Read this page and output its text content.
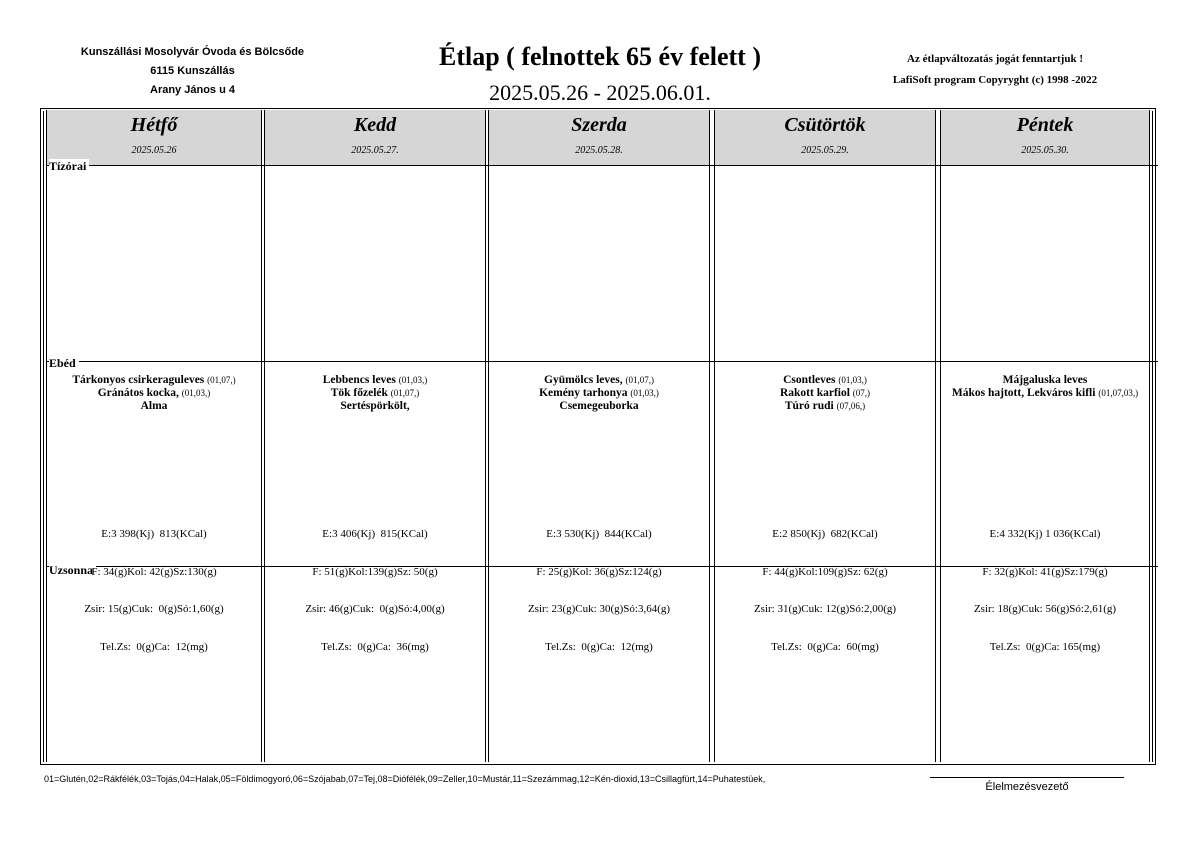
Kunszállási Mosolyvár Óvoda és Bölcsőde
6115 Kunszállás
Arany János u 4
Étlap ( felnottek 65 év felett )
2025.05.26 - 2025.06.01.
Az étlapváltozatás jogát fenntartjuk !
LafiSoft program Copyryght (c) 1998 -2022
Hétfő
2025.05.26
Kedd
2025.05.27.
Szerda
2025.05.28.
Csütörtök
2025.05.29.
Péntek
2025.05.30.
Tízórai
Ebéd
Uzsonna
Tárkonyos csirkeraguleves (01,07,)
Gránátos kocka, (01,03,)
Alma
Lebbencs leves (01,03,)
Tök főzelék (01,07,)
Sertéspörkölt,
Gyümölcs leves, (01,07,)
Kemény tarhonya (01,03,)
Csemegeuborka
Csontleves (01,03,)
Rakott karfiol (07,)
Túró rudi (07,06,)
Májgaluska leves
Mákos hajtott, Lekváros kifli (01,07,03,)

E:3 398(Kj)  813(KCal)

F: 34(g)Kol: 42(g)Sz:130(g)

Zsir: 15(g)Cuk:  0(g)Só:1,60(g)

Tel.Zs:  0(g)Ca:  12(mg)

E:3 406(Kj)  815(KCal)

F: 51(g)Kol:139(g)Sz: 50(g)

Zsir: 46(g)Cuk:  0(g)Só:4,00(g)

Tel.Zs:  0(g)Ca:  36(mg)

E:3 530(Kj)  844(KCal)

F: 25(g)Kol: 36(g)Sz:124(g)

Zsir: 23(g)Cuk: 30(g)Só:3,64(g)

Tel.Zs:  0(g)Ca:  12(mg)

E:2 850(Kj)  682(KCal)

F: 44(g)Kol:109(g)Sz: 62(g)

Zsir: 31(g)Cuk: 12(g)Só:2,00(g)

Tel.Zs:  0(g)Ca:  60(mg)

E:4 332(Kj) 1 036(KCal)

F: 32(g)Kol: 41(g)Sz:179(g)

Zsir: 18(g)Cuk: 56(g)Só:2,61(g)

Tel.Zs:  0(g)Ca: 165(mg)

01=Glutén,02=Rákfélék,03=Tojás,04=Halak,05=Földimogyoró,06=Szójabab,07=Tej,08=Diófélék,09=Zeller,10=Mustár,11=Szezámmag,12=Kén-dioxid,13=Csillagfürt,14=Puhatestüek,
Élelmezésvezető
